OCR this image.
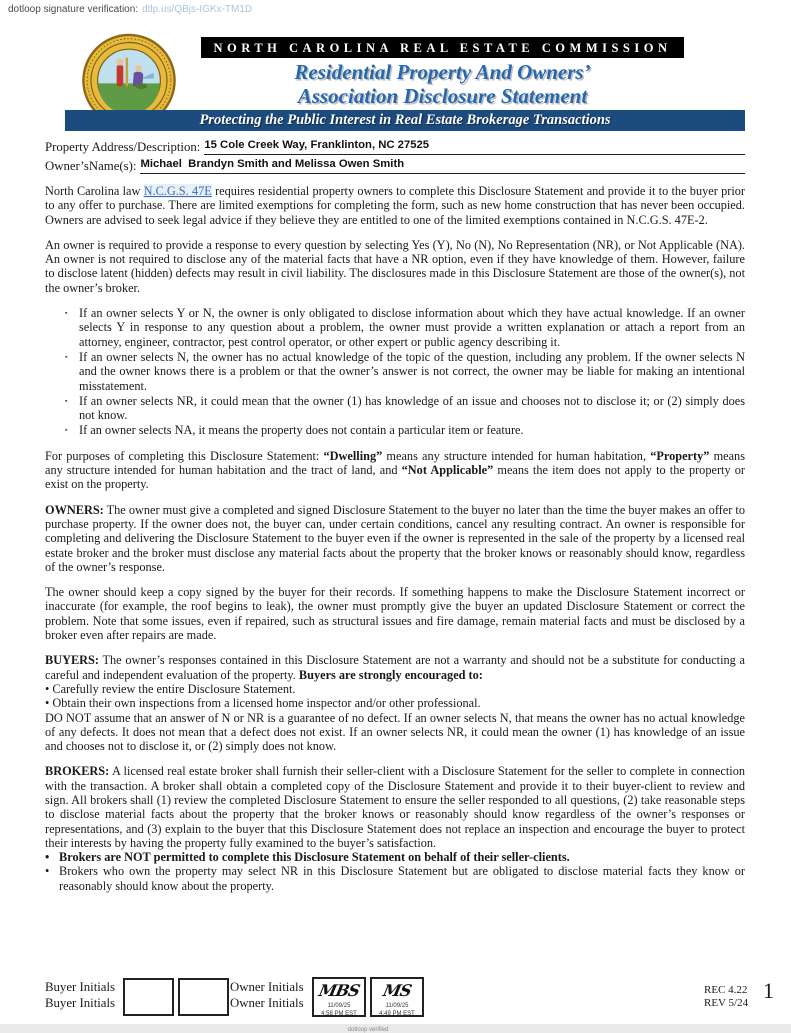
dotloop signature verification: dtlp.us/QBjs-IGKx-TM1D
NORTH CAROLINA REAL ESTATE COMMISSION
Residential Property And Owners’
Association Disclosure Statement
Protecting the Public Interest in Real Estate Brokerage Transactions
Property Address/Description: 15 Cole Creek Way, Franklinton, NC 27525
Owner’sName(s): Michael  Brandyn Smith and Melissa Owen Smith

North Carolina law N.C.G.S. 47E requires residential property owners to complete this Disclosure Statement and provide it to the buyer prior to any offer to purchase. There are limited exemptions for completing the form, such as new home construction that has never been occupied. Owners are advised to seek legal advice if they believe they are entitled to one of the limited exemptions contained in N.C.G.S. 47E-2.

An owner is required to provide a response to every question by selecting Yes (Y), No (N), No Representation (NR), or Not Applicable (NA). An owner is not required to disclose any of the material facts that have a NR option, even if they have knowledge of them. However, failure to disclose latent (hidden) defects may result in civil liability. The disclosures made in this Disclosure Statement are those of the owner(s), not the owner’s broker.

▪ If an owner selects Y or N, the owner is only obligated to disclose information about which they have actual knowledge. If an owner selects Y in response to any question about a problem, the owner must provide a written explanation or attach a report from an attorney, engineer, contractor, pest control operator, or other expert or public agency describing it.
▪ If an owner selects N, the owner has no actual knowledge of the topic of the question, including any problem. If the owner selects N and the owner knows there is a problem or that the owner’s answer is not correct, the owner may be liable for making an intentional misstatement.
▪ If an owner selects NR, it could mean that the owner (1) has knowledge of an issue and chooses not to disclose it; or (2) simply does not know.
▪ If an owner selects NA, it means the property does not contain a particular item or feature.

For purposes of completing this Disclosure Statement: “Dwelling” means any structure intended for human habitation, “Property” means any structure intended for human habitation and the tract of land, and “Not Applicable” means the item does not apply to the property or exist on the property.

OWNERS: The owner must give a completed and signed Disclosure Statement to the buyer no later than the time the buyer makes an offer to purchase property. If the owner does not, the buyer can, under certain conditions, cancel any resulting contract. An owner is responsible for completing and delivering the Disclosure Statement to the buyer even if the owner is represented in the sale of the property by a licensed real estate broker and the broker must disclose any material facts about the property that the broker knows or reasonably should know, regardless of the owner’s response.

The owner should keep a copy signed by the buyer for their records. If something happens to make the Disclosure Statement incorrect or inaccurate (for example, the roof begins to leak), the owner must promptly give the buyer an updated Disclosure Statement or correct the problem. Note that some issues, even if repaired, such as structural issues and fire damage, remain material facts and must be disclosed by a broker even after repairs are made.

BUYERS: The owner’s responses contained in this Disclosure Statement are not a warranty and should not be a substitute for conducting a careful and independent evaluation of the property. Buyers are strongly encouraged to:
• Carefully review the entire Disclosure Statement.
• Obtain their own inspections from a licensed home inspector and/or other professional.
DO NOT assume that an answer of N or NR is a guarantee of no defect. If an owner selects N, that means the owner has no actual knowledge of any defects. It does not mean that a defect does not exist. If an owner selects NR, it could mean the owner (1) has knowledge of an issue and chooses not to disclose it, or (2) simply does not know.

BROKERS: A licensed real estate broker shall furnish their seller-client with a Disclosure Statement for the seller to complete in connection with the transaction. A broker shall obtain a completed copy of the Disclosure Statement and provide it to their buyer-client to review and sign. All brokers shall (1) review the completed Disclosure Statement to ensure the seller responded to all questions, (2) take reasonable steps to disclose material facts about the property that the broker knows or reasonably should know regardless of the owner’s responses or representations, and (3) explain to the buyer that this Disclosure Statement does not replace an inspection and encourage the buyer to protect their interests by having the property fully examined to the buyer’s satisfaction.

• Brokers are NOT permitted to complete this Disclosure Statement on behalf of their seller-clients.
• Brokers who own the property may select NR in this Disclosure Statement but are obligated to disclose material facts they know or reasonably should know about the property.
Buyer Initials
Buyer Initials
Owner Initials
Owner Initials
MBS
11/09/25
4:58 PM EST
MS
11/09/25
4:49 PM EST
dotloop verified
REC 4.22
REV 5/24 1
